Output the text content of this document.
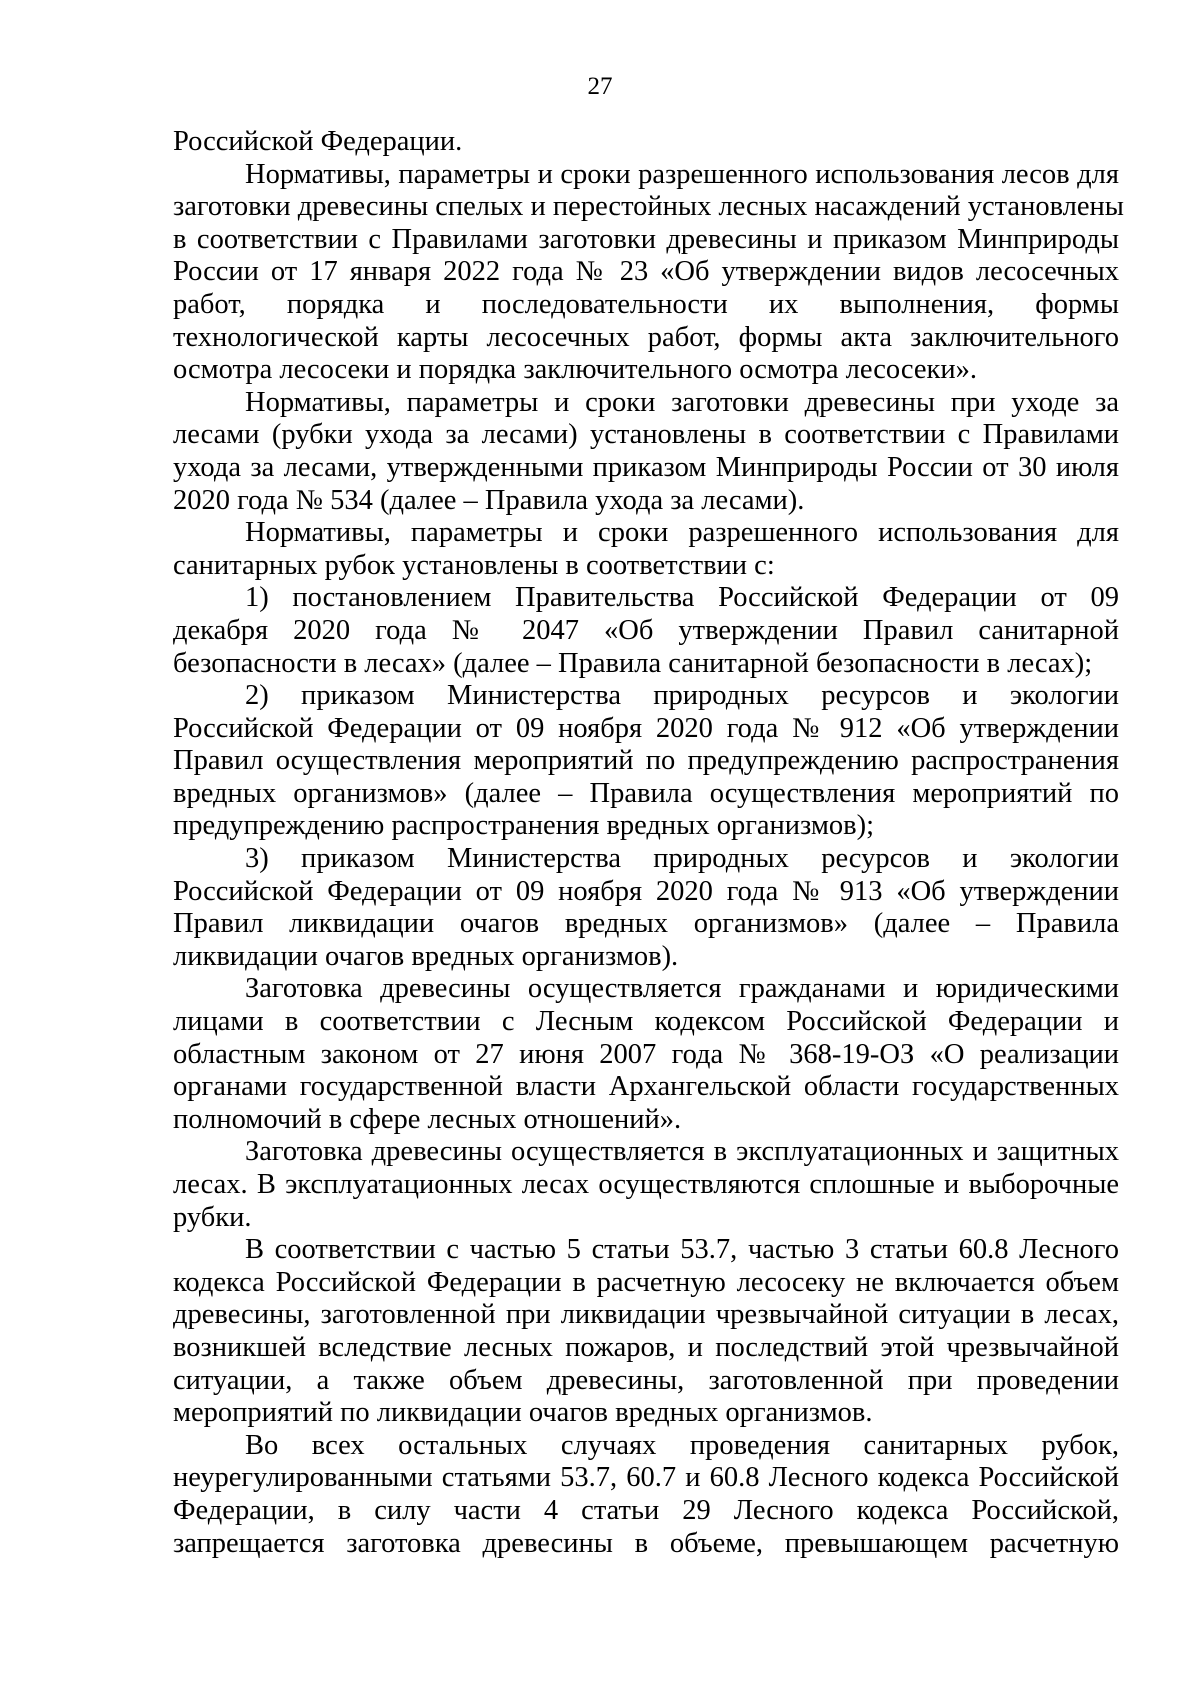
27
Российской Федерации.
Нормативы, параметры и сроки разрешенного использования лесов для
заготовки древесины спелых и перестойных лесных насаждений установлены
в соответствии с Правилами заготовки древесины и приказом Минприроды
России от 17 января 2022 года № 23 «Об утверждении видов лесосечных
работ, порядка и последовательности их выполнения, формы
технологической карты лесосечных работ, формы акта заключительного
осмотра лесосеки и порядка заключительного осмотра лесосеки».
Нормативы, параметры и сроки заготовки древесины при уходе за
лесами (рубки ухода за лесами) установлены в соответствии с Правилами
ухода за лесами, утвержденными приказом Минприроды России от 30 июля
2020 года № 534 (далее – Правила ухода за лесами).
Нормативы, параметры и сроки разрешенного использования для
санитарных рубок установлены в соответствии с:
1) постановлением Правительства Российской Федерации от 09
декабря 2020 года № 2047 «Об утверждении Правил санитарной
безопасности в лесах» (далее – Правила санитарной безопасности в лесах);
2) приказом Министерства природных ресурсов и экологии
Российской Федерации от 09 ноября 2020 года № 912 «Об утверждении
Правил осуществления мероприятий по предупреждению распространения
вредных организмов» (далее – Правила осуществления мероприятий по
предупреждению распространения вредных организмов);
3) приказом Министерства природных ресурсов и экологии
Российской Федерации от 09 ноября 2020 года № 913 «Об утверждении
Правил ликвидации очагов вредных организмов» (далее – Правила
ликвидации очагов вредных организмов).
Заготовка древесины осуществляется гражданами и юридическими
лицами в соответствии с Лесным кодексом Российской Федерации и
областным законом от 27 июня 2007 года № 368-19-ОЗ «О реализации
органами государственной власти Архангельской области государственных
полномочий в сфере лесных отношений».
Заготовка древесины осуществляется в эксплуатационных и защитных
лесах. В эксплуатационных лесах осуществляются сплошные и выборочные
рубки.
В соответствии с частью 5 статьи 53.7, частью 3 статьи 60.8 Лесного
кодекса Российской Федерации в расчетную лесосеку не включается объем
древесины, заготовленной при ликвидации чрезвычайной ситуации в лесах,
возникшей вследствие лесных пожаров, и последствий этой чрезвычайной
ситуации, а также объем древесины, заготовленной при проведении
мероприятий по ликвидации очагов вредных организмов.
Во всех остальных случаях проведения санитарных рубок,
неурегулированными статьями 53.7, 60.7 и 60.8 Лесного кодекса Российской
Федерации, в силу части 4 статьи 29 Лесного кодекса Российской,
запрещается заготовка древесины в объеме, превышающем расчетную
